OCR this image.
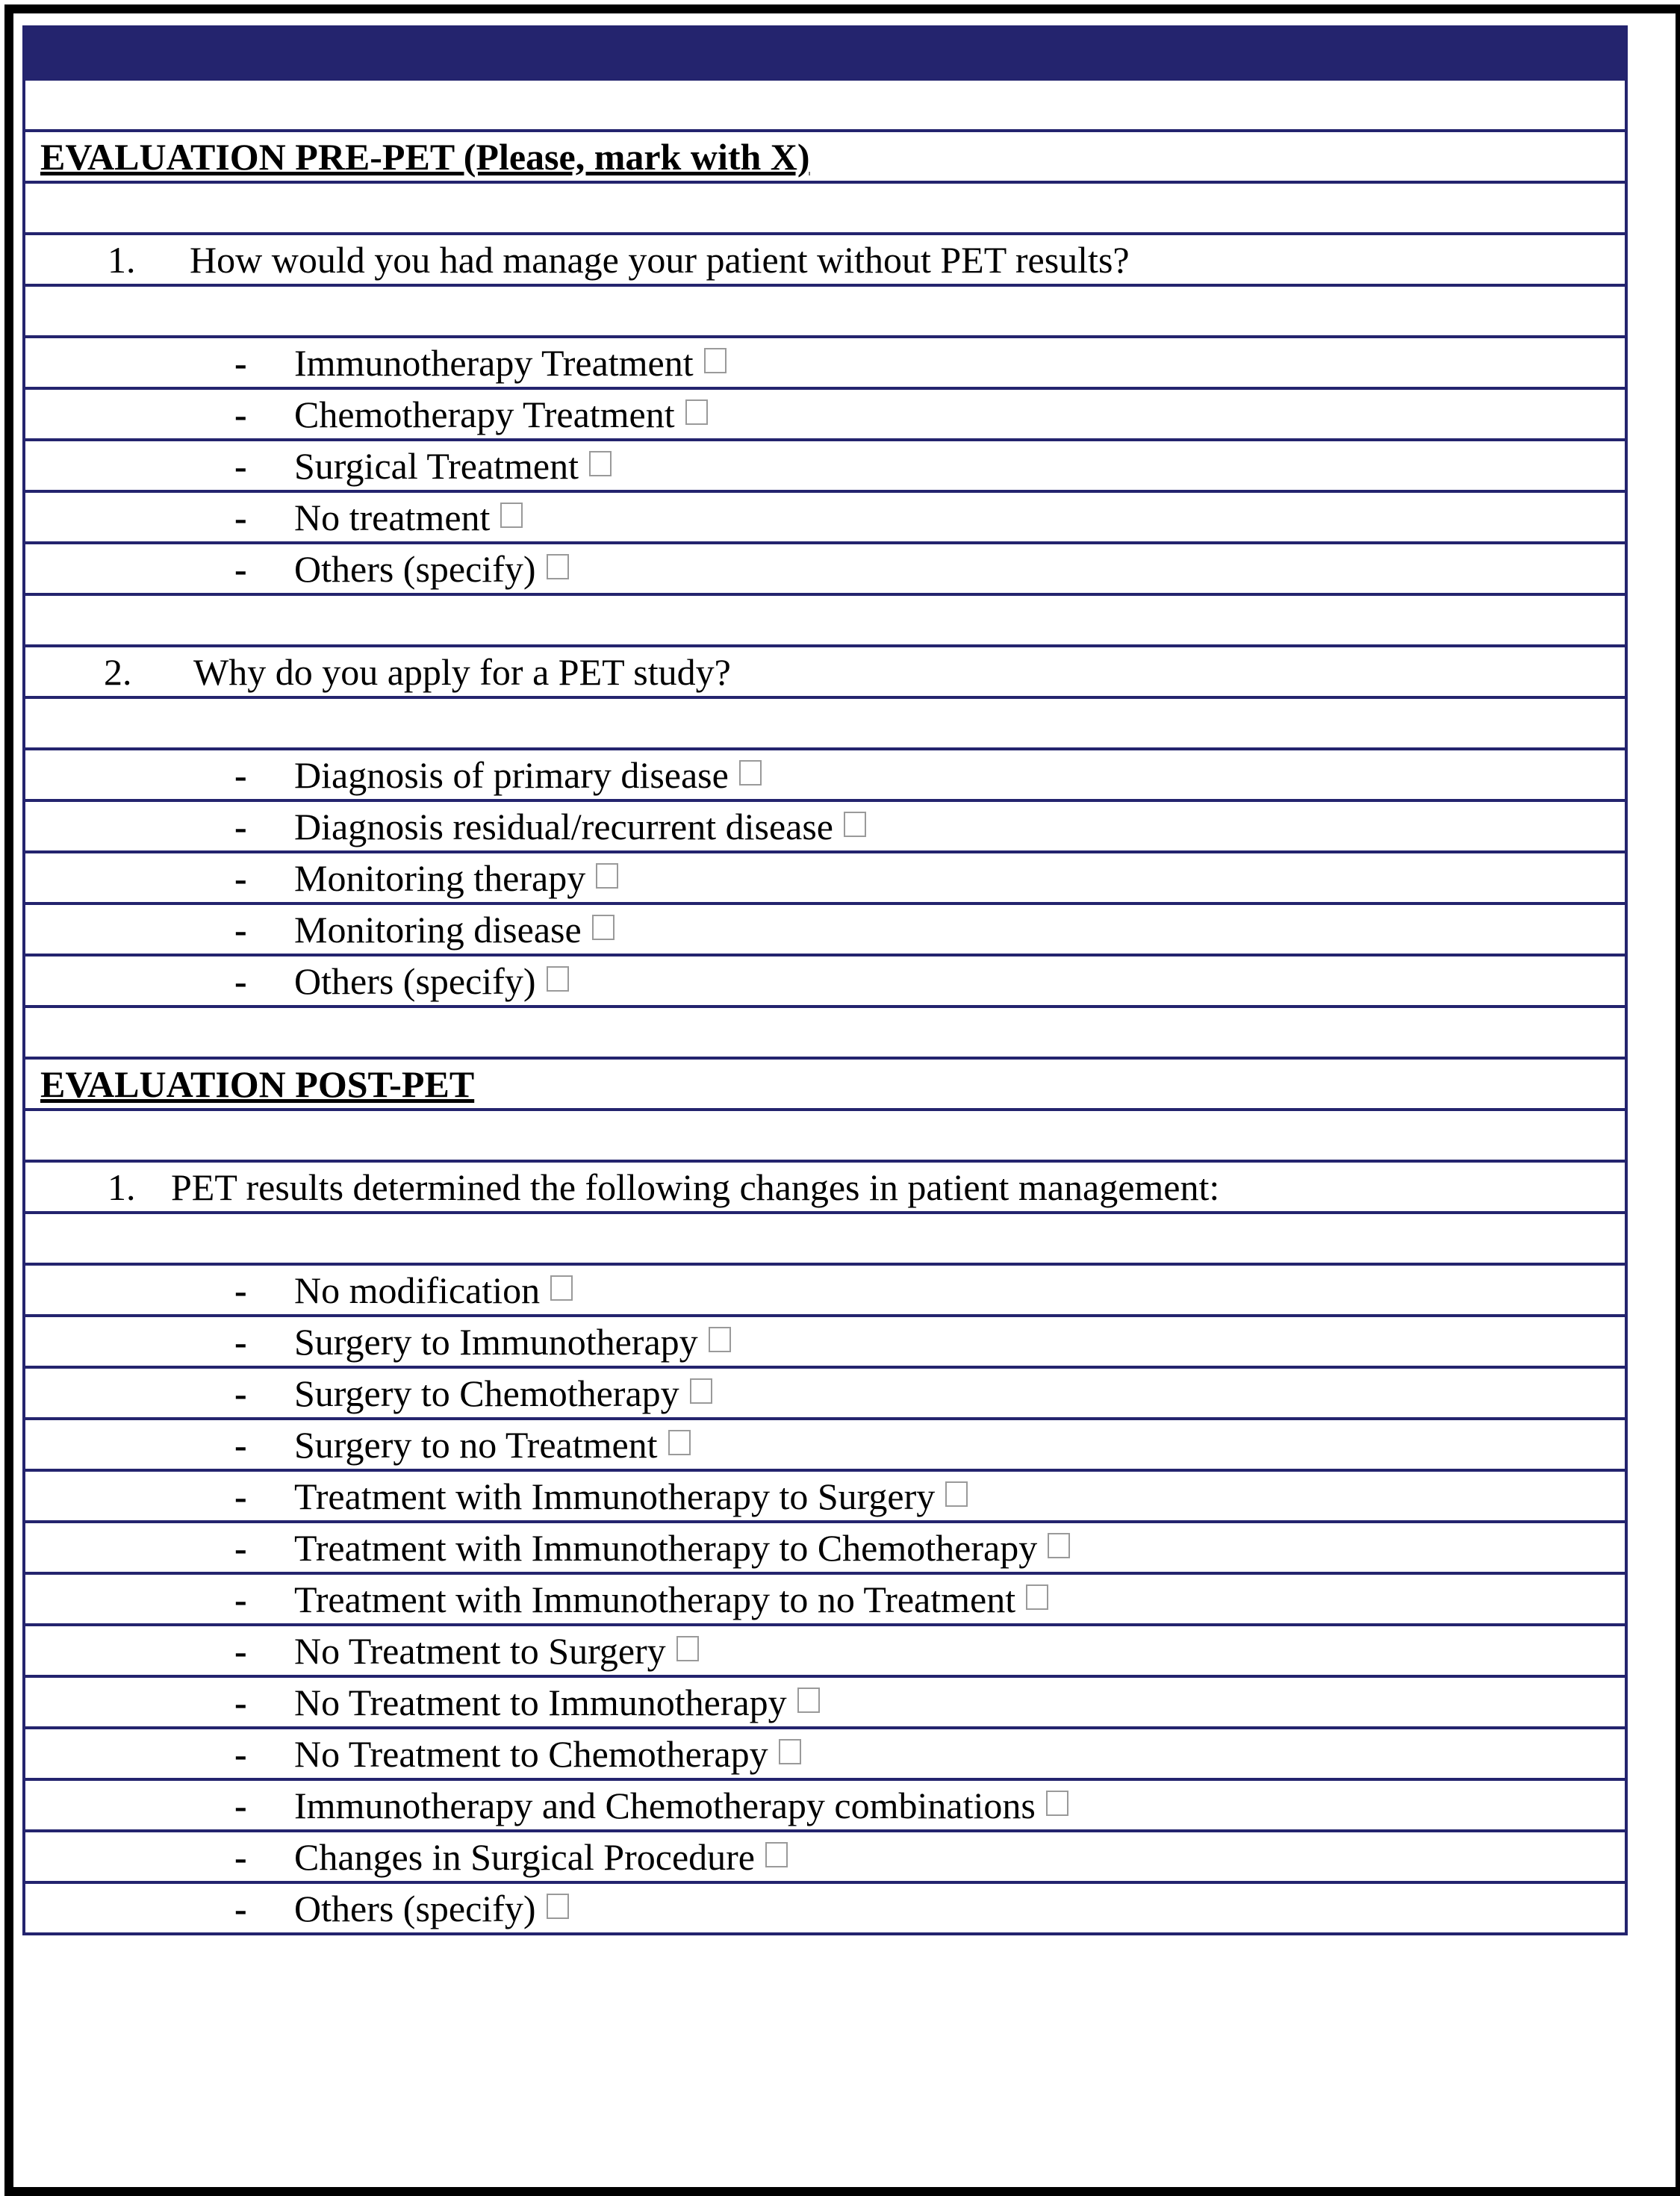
EVALUATION PRE-PET (Please, mark with X)
1.	How would you had manage your patient without PET results?
-	Immunotherapy Treatment
-	Chemotherapy Treatment
-	Surgical Treatment
-	No treatment
-	Others (specify)
2.	Why do you apply for a PET study?
-	Diagnosis of primary disease
-	Diagnosis residual/recurrent disease
-	Monitoring therapy
-	Monitoring disease
-	Others (specify)
EVALUATION POST-PET
1. PET results determined the following changes in patient management:
-	No modification
-	Surgery to Immunotherapy
-	Surgery to Chemotherapy
-	Surgery to no Treatment
-	Treatment with Immunotherapy to Surgery
-	Treatment with Immunotherapy to Chemotherapy
-	Treatment with Immunotherapy to no Treatment
-	No Treatment to Surgery
-	No Treatment to Immunotherapy
-	No Treatment to Chemotherapy
-	Immunotherapy and Chemotherapy combinations
-	Changes in Surgical Procedure
-	Others (specify)
